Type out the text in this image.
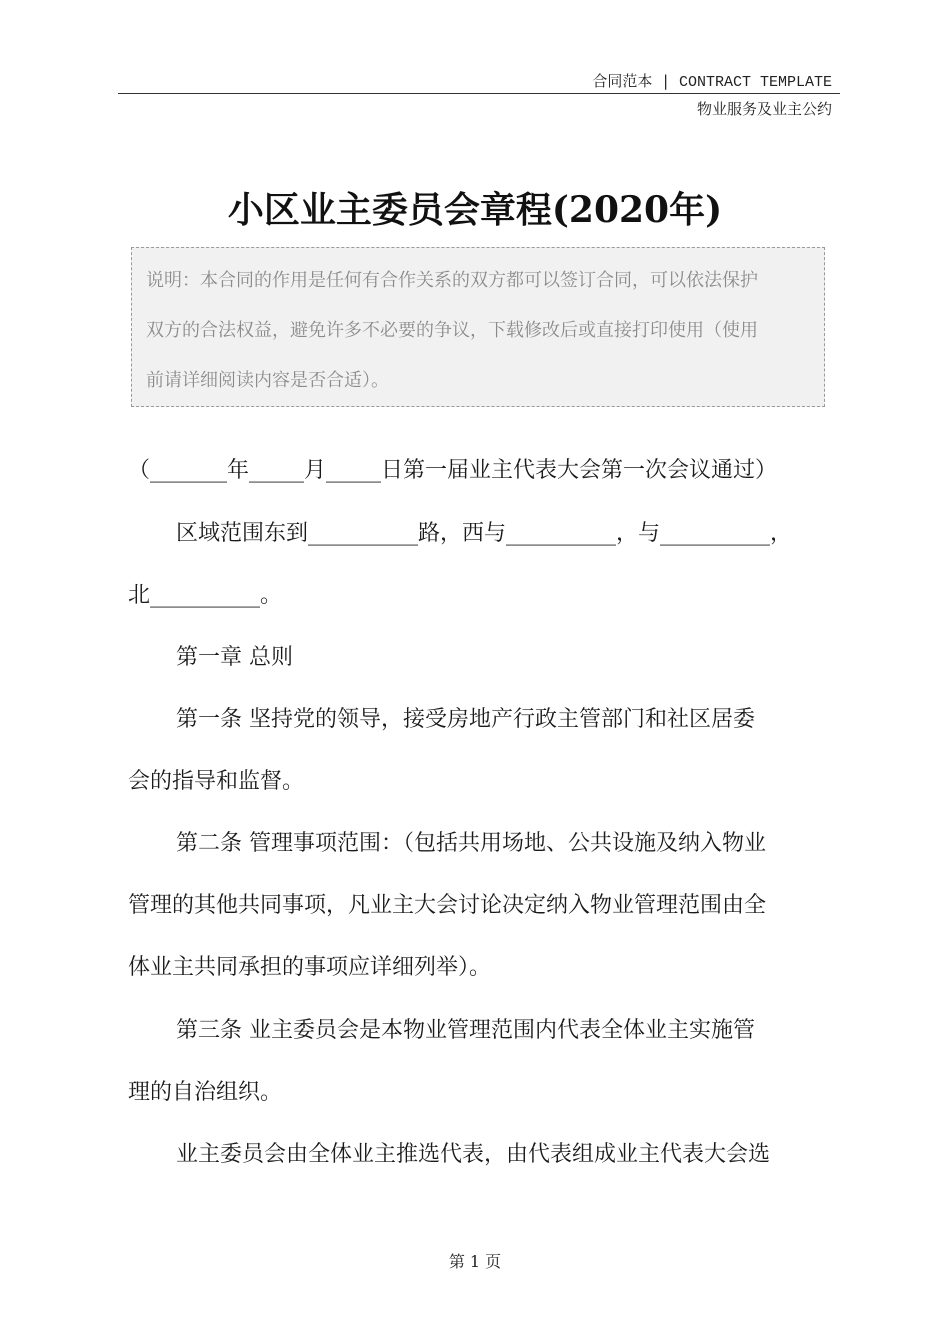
合同范本 | CONTRACT TEMPLATE
物业服务及业主公约
小区业主委员会章程(2020年)
说明：本合同的作用是任何有合作关系的双方都可以签订合同，可以依法保护
双方的合法权益，避免许多不必要的争议，下载修改后或直接打印使用（使用
前请详细阅读内容是否合适）。
（_______年_____月_____日第一届业主代表大会第一次会议通过）
区域范围东到__________路，西与__________，与__________，
北__________。
第一章 总则
第一条 坚持党的领导，接受房地产行政主管部门和社区居委
会的指导和监督。
第二条 管理事项范围：（包括共用场地、公共设施及纳入物业
管理的其他共同事项，凡业主大会讨论决定纳入物业管理范围由全
体业主共同承担的事项应详细列举）。
第三条 业主委员会是本物业管理范围内代表全体业主实施管
理的自治组织。
业主委员会由全体业主推选代表，由代表组成业主代表大会选
第 1 页
